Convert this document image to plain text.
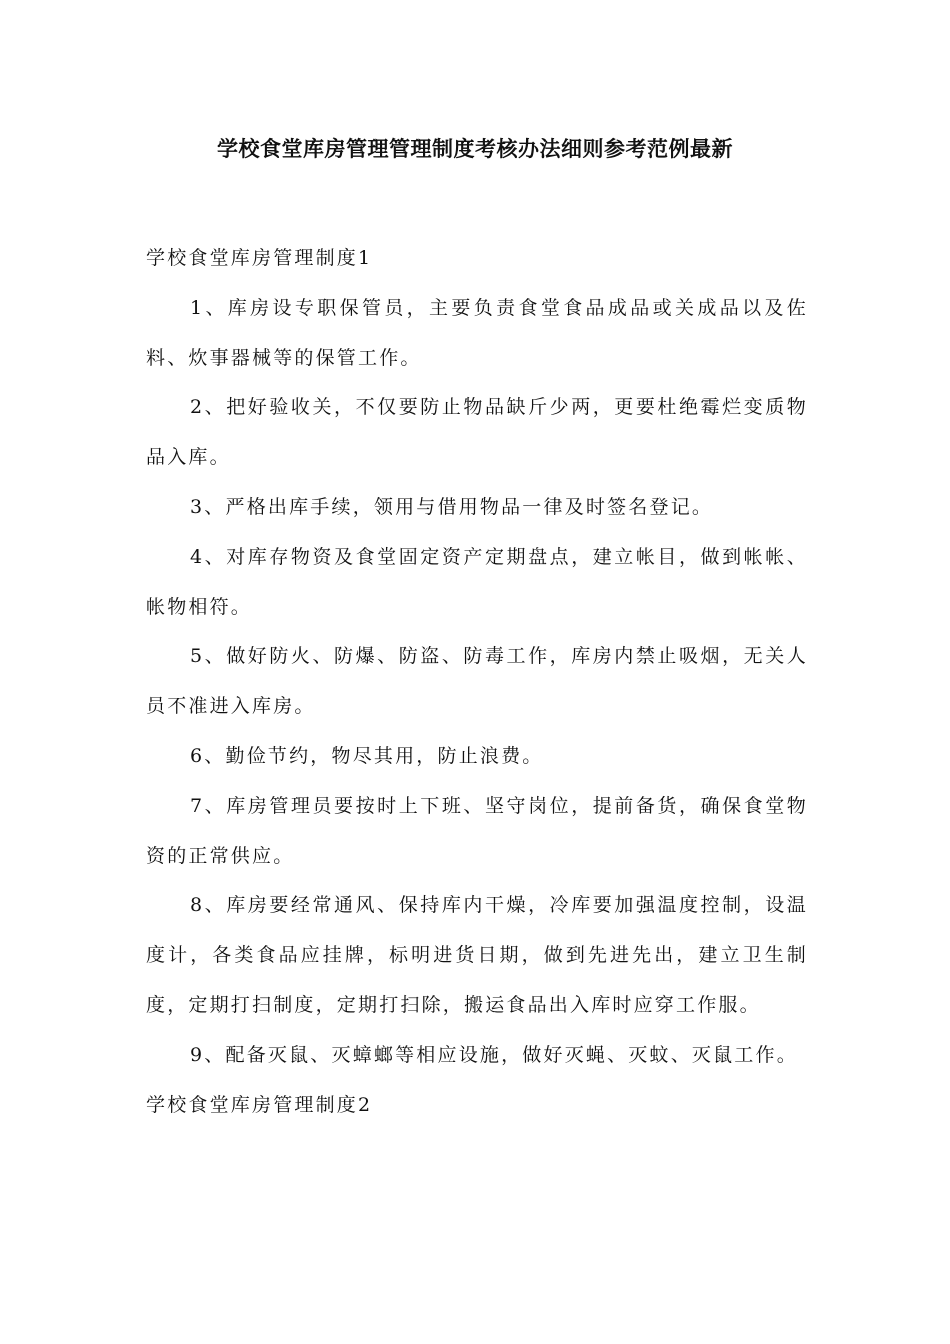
学校食堂库房管理管理制度考核办法细则参考范例最新

学校食堂库房管理制度1

1、库房设专职保管员，主要负责食堂食品成品或关成品以及佐料、炊事器械等的保管工作。

2、把好验收关，不仅要防止物品缺斤少两，更要杜绝霉烂变质物品入库。

3、严格出库手续，领用与借用物品一律及时签名登记。

4、对库存物资及食堂固定资产定期盘点，建立帐目，做到帐帐、帐物相符。

5、做好防火、防爆、防盗、防毒工作，库房内禁止吸烟，无关人员不准进入库房。

6、勤俭节约，物尽其用，防止浪费。

7、库房管理员要按时上下班、坚守岗位，提前备货，确保食堂物资的正常供应。

8、库房要经常通风、保持库内干燥，冷库要加强温度控制，设温度计，各类食品应挂牌，标明进货日期，做到先进先出，建立卫生制度，定期打扫制度，定期打扫除，搬运食品出入库时应穿工作服。

9、配备灭鼠、灭蟑螂等相应设施，做好灭蝇、灭蚊、灭鼠工作。

学校食堂库房管理制度2
